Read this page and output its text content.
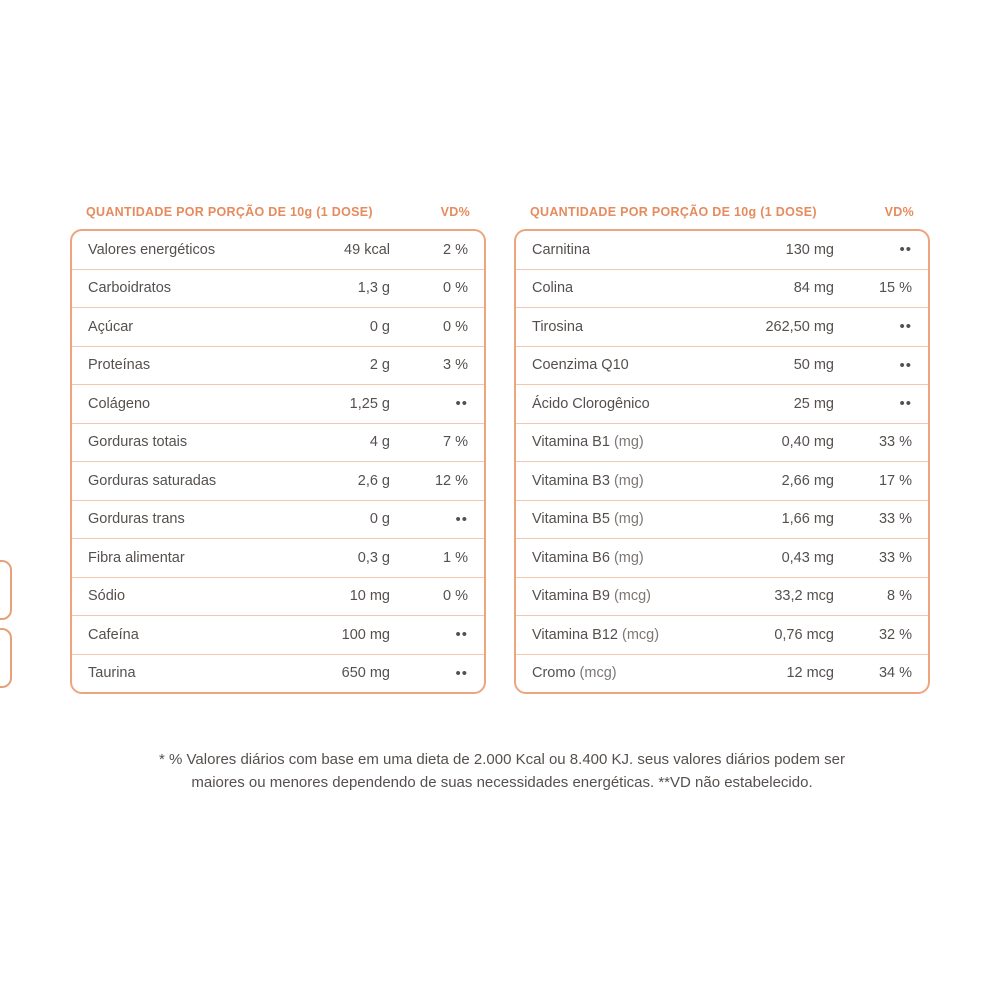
QUANTIDADE POR PORÇÃO DE 10g (1 DOSE)	VD%
Valores energéticos	49 kcal	2 %
Carboidratos	1,3 g	0 %
Açúcar	0 g	0 %
Proteínas	2 g	3 %
Colágeno	1,25 g	••
Gorduras totais	4 g	7 %
Gorduras saturadas	2,6 g	12 %
Gorduras trans	0 g	••
Fibra alimentar	0,3 g	1 %
Sódio	10 mg	0 %
Cafeína	100 mg	••
Taurina	650 mg	••
QUANTIDADE POR PORÇÃO DE 10g (1 DOSE)	VD%
Carnitina	130 mg	••
Colina	84 mg	15 %
Tirosina	262,50 mg	••
Coenzima Q10	50 mg	••
Ácido Clorogênico	25 mg	••
Vitamina B1 (mg)	0,40 mg	33 %
Vitamina B3 (mg)	2,66 mg	17 %
Vitamina B5 (mg)	1,66 mg	33 %
Vitamina B6 (mg)	0,43 mg	33 %
Vitamina B9 (mcg)	33,2 mcg	8 %
Vitamina B12 (mcg)	0,76 mcg	32 %
Cromo (mcg)	12 mcg	34 %
* % Valores diários com base em uma dieta de 2.000 Kcal ou 8.400 KJ. seus valores diários podem ser
maiores ou menores dependendo de suas necessidades energéticas. **VD não estabelecido.
